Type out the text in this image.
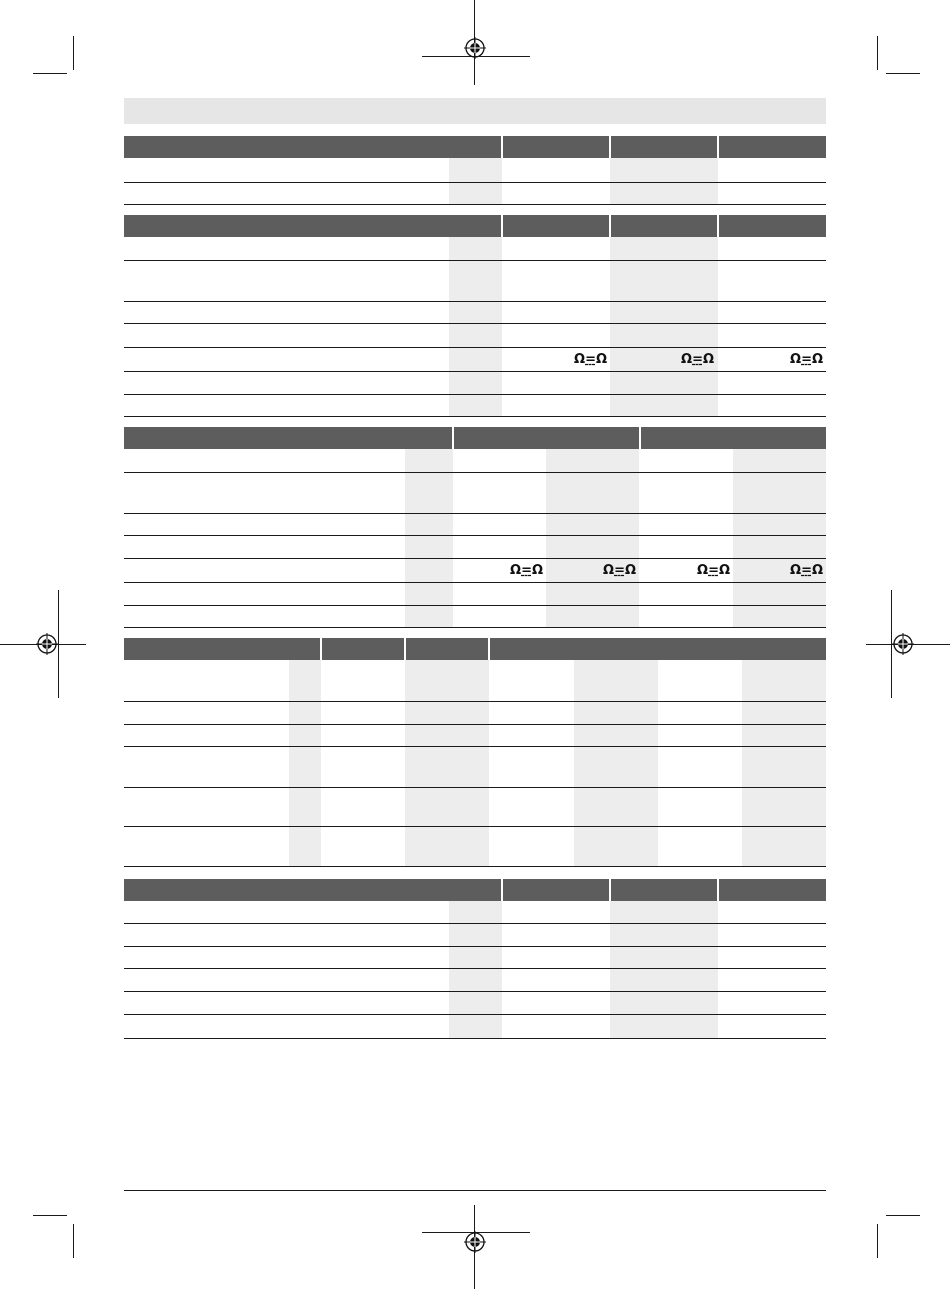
Ω=Ω	Ω=Ω	Ω=Ω
Ω=Ω	Ω=Ω	Ω=Ω	Ω=Ω
